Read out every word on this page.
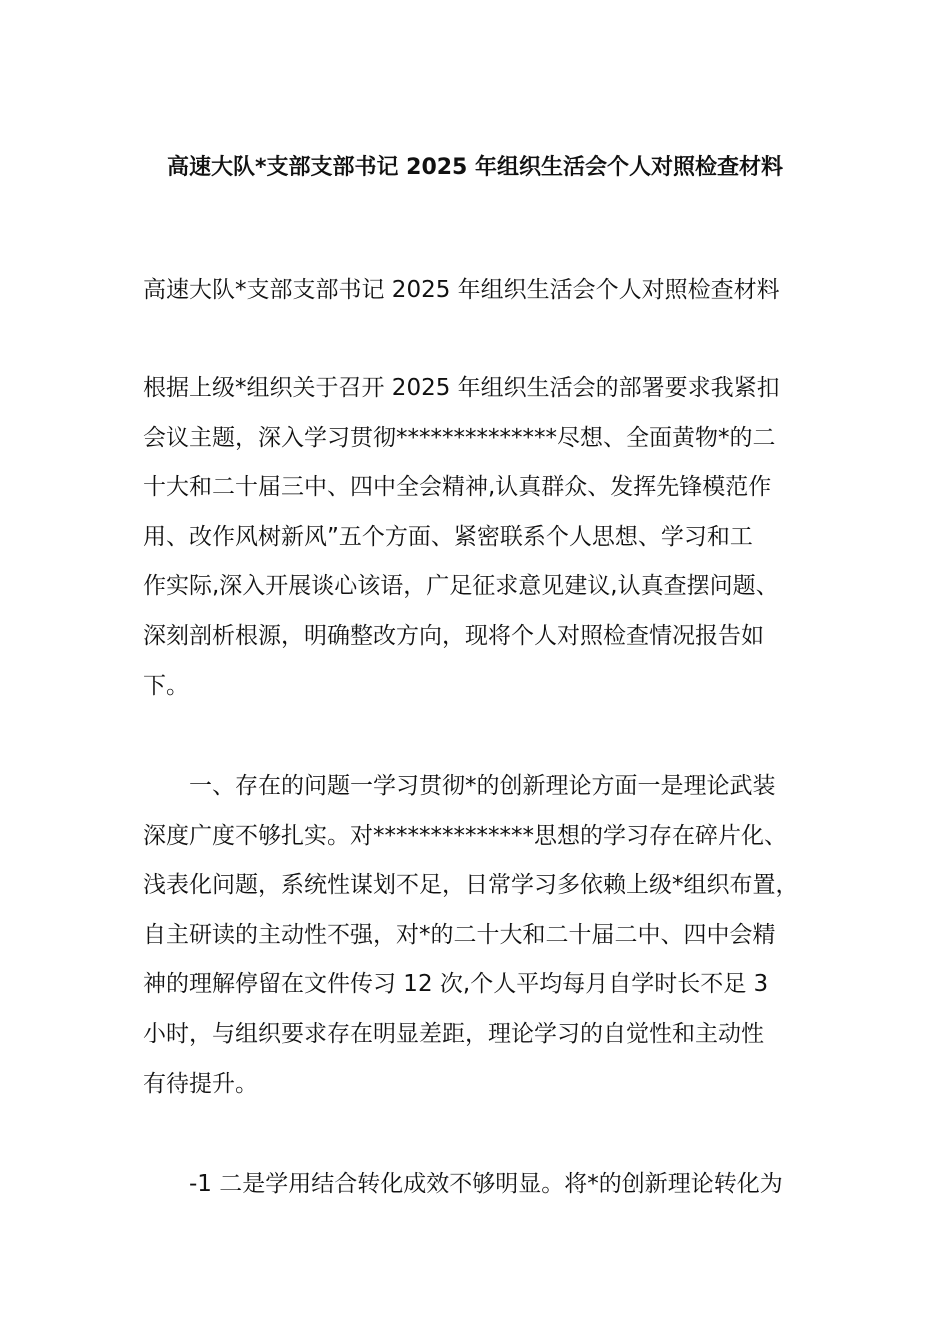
高速大队*支部支部书记 2025 年组织生活会个人对照检查材料

高速大队*支部支部书记 2025 年组织生活会个人对照检查材料

根据上级*组织关于召开 2025 年组织生活会的部署要求我紧扣
会议主题，深入学习贯彻**************尽想、全面黄物*的二
十大和二十届三中、四中全会精神,认真群众、发挥先锋模范作
用、改作风树新风”五个方面、紧密联系个人思想、学习和工
作实际,深入开展谈心该语，广足征求意见建议,认真查摆问题、
深刻剖析根源，明确整改方向，现将个人对照检查情况报告如
下。
　　一、存在的问题一学习贯彻*的创新理论方面一是理论武装
深度广度不够扎实。对**************思想的学习存在碎片化、
浅表化问题，系统性谋划不足，日常学习多依赖上级*组织布置，
自主研读的主动性不强，对*的二十大和二十届二中、四中会精
神的理解停留在文件传习 12 次,个人平均每月自学时长不足 3
小时，与组织要求存在明显差距，理论学习的自觉性和主动性
有待提升。
　　-1 二是学用结合转化成效不够明显。将*的创新理论转化为
